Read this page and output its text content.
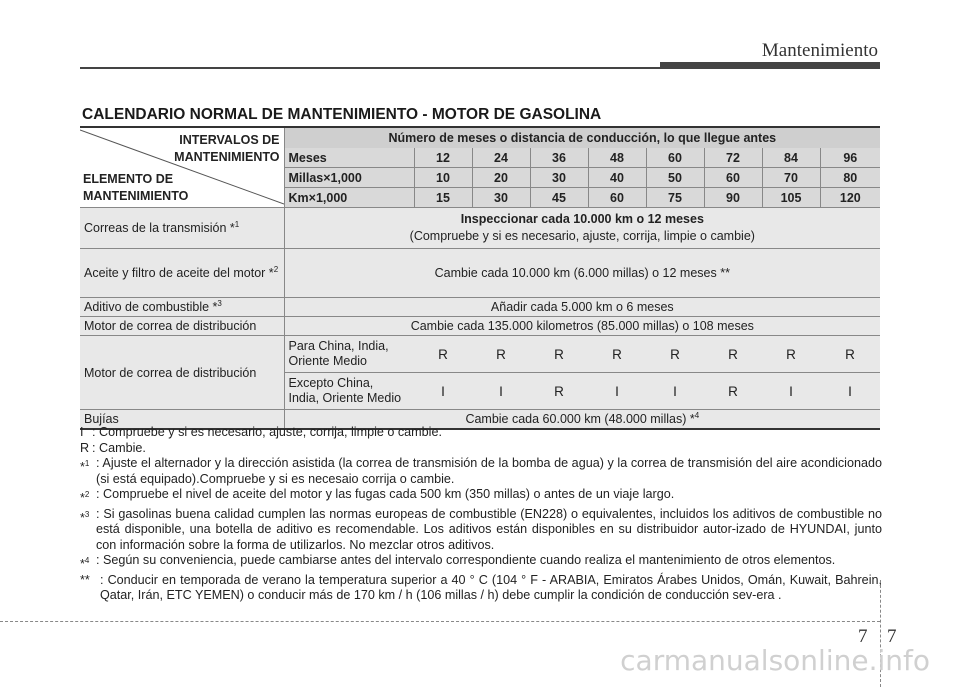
Mantenimiento
CALENDARIO NORMAL DE MANTENIMIENTO - MOTOR DE GASOLINA
INTERVALOS DE
MANTENIMIENTO
ELEMENTO DE
MANTENIMIENTO	Número de meses o distancia de conducción, lo que llegue antes								
	Meses	12	24	36	48	60	72	84	96
	Millas×1,000	10	20	30	40	50	60	70	80
	Km×1,000	15	30	45	60	75	90	105	120
Correas de la transmisión *$^1$	Inspeccionar cada 10.000 km o 12 meses
(Compruebe y si es necesario, ajuste, corrija, limpie o cambie)								
Aceite y filtro de aceite del motor *$^2$	Cambie cada 10.000 km (6.000 millas) o 12 meses **								
Aditivo de combustible *$^3$	Añadir cada 5.000 km o 6 meses								
Motor de correa de distribución	Cambie cada 135.000 kilometros (85.000 millas) o 108 meses								
Motor de correa de distribución	Para China, India,
Oriente Medio	R	R	R	R	R	R	R	R
	Excepto China,
India, Oriente Medio	I	I	R	I	I	R	I	I
Bujías	Cambie cada 60.000 km (48.000 millas) *$^4$
I : Compruebe y si es necesario, ajuste, corrija, limpie o cambie.
R : Cambie.
*$^1$ : Ajuste el alternador y la dirección asistida (la correa de transmisión de la bomba de agua) y la correa de transmisión del aire acondicionado (si está equipado).Compruebe y si es necesaio corrija o cambie.
*$^2$ : Compruebe el nivel de aceite del motor y las fugas cada 500 km (350 millas) o antes de un viaje largo.
*$^3$ : Si gasolinas buena calidad cumplen las normas europeas de combustible (EN228) o equivalentes, incluidos los aditivos de combustible no está disponible, una botella de aditivo es recomendable. Los aditivos están disponibles en su distribuidor autor-izado de HYUNDAI, junto con información sobre la forma de utilizarlos. No mezclar otros aditivos.
*$^4$ : Según su conveniencia, puede cambiarse antes del intervalo correspondiente cuando realiza el mantenimiento de otros elementos.
** : Conducir en temporada de verano la temperatura superior a 40 ° C (104 ° F - ARABIA, Emiratos Árabes Unidos, Omán, Kuwait, Bahrein, Qatar, Irán, ETC YEMEN) o conducir más de 170 km / h (106 millas / h) debe cumplir la condición de conducción sev-era .
7 7
carmanualsonline.info
